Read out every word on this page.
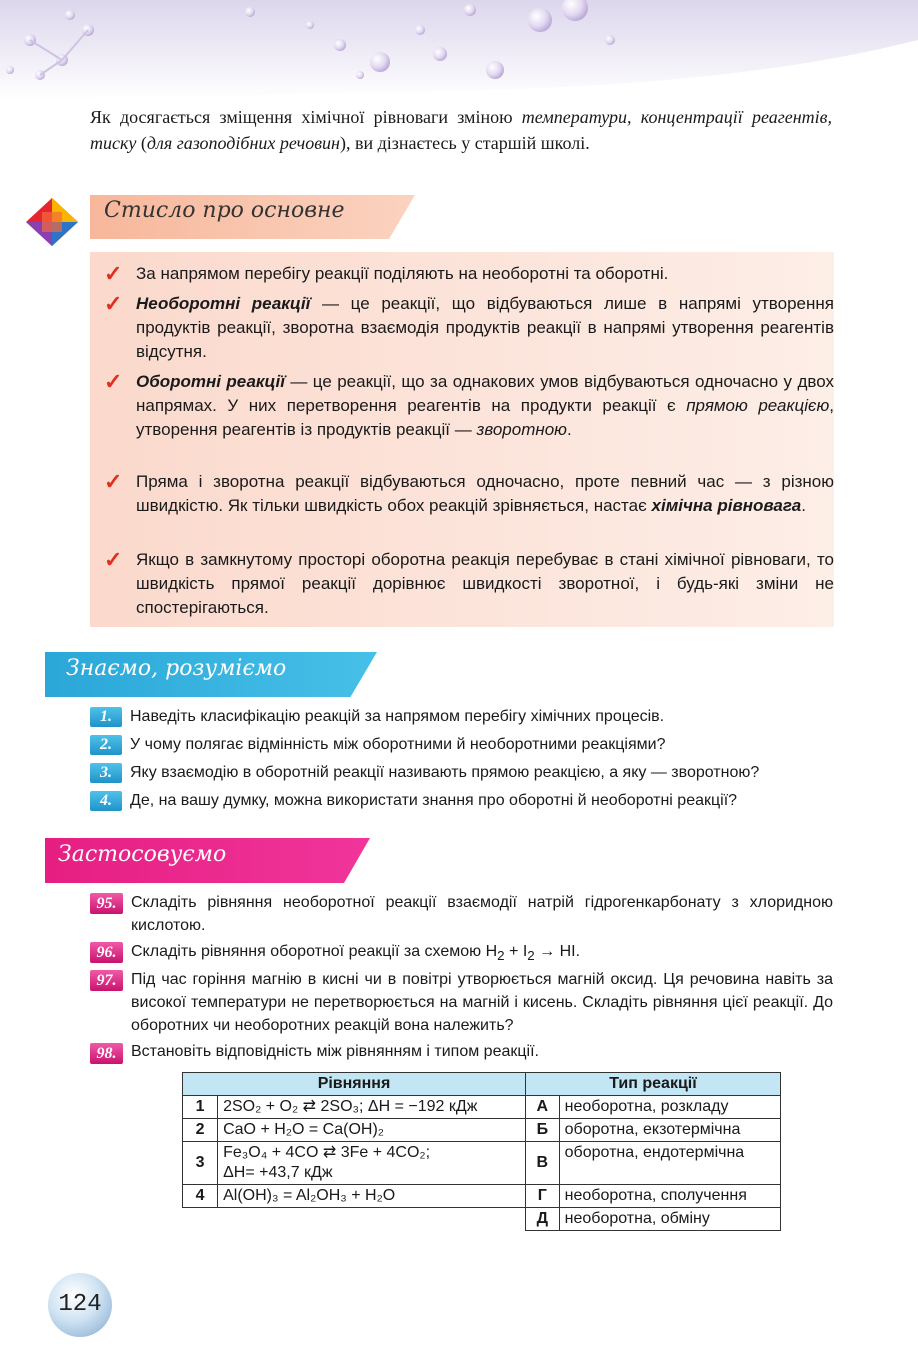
Як досягається зміщення хімічної рівноваги зміною температури, концентрації реагентів, тиску (для газоподібних речовин), ви дізнаєтесь у старшій школі.
Стисло про основне
✓ За напрямом перебігу реакції поділяють на необоротні та оборотні.
✓ Необоротні реакції — це реакції, що відбуваються лише в напрямі утворення продуктів реакції, зворотна взаємодія продуктів реакції в напрямі утворення реагентів відсутня.
✓ Оборотні реакції — це реакції, що за однакових умов відбуваються одночасно у двох напрямах. У них перетворення реагентів на продукти реакції є прямою реакцією, утворення реагентів із продуктів реакції — зворотною.
✓ Пряма і зворотна реакції відбуваються одночасно, проте певний час — з різною швидкістю. Як тільки швидкість обох реакцій зрівняється, настає хімічна рівновага.
✓ Якщо в замкнутому просторі оборотна реакція перебуває в стані хімічної рівноваги, то швидкість прямої реакції дорівнює швидкості зворотної, і будь-які зміни не спостерігаються.
Знаємо, розуміємо
1. Наведіть класифікацію реакцій за напрямом перебігу хімічних процесів.
2. У чому полягає відмінність між оборотними й необоротними реакціями?
3. Яку взаємодію в оборотній реакції називають прямою реакцією, а яку — зворотною?
4. Де, на вашу думку, можна використати знання про оборотні й необоротні реакції?
Застосовуємо
95. Складіть рівняння необоротної реакції взаємодії натрій гідрогенкарбонату з хлоридною кислотою.
96. Складіть рівняння оборотної реакції за схемою $H_2 + I_2$ → HI.
97. Під час горіння магнію в кисні чи в повітрі утворюється магній оксид. Ця речовина навіть за високої температури не перетворюється на магній і кисень. Складіть рівняння цієї реакції. До оборотних чи необоротних реакцій вона належить?
98. Встановіть відповідність між рівнянням і типом реакції.
Рівняння		Тип реакції	
1	2SO₂ + O₂ ⇄ 2SO₃; ΔH = −192 кДж	А	необоротна, розкладу
2	CaO + H₂O = Ca(OH)₂	Б	оборотна, екзотермічна
3	Fe₃O₄ + 4CO ⇄ 3Fe + 4CO₂;
ΔH= +43,7 кДж	В	оборотна, ендотермічна
4	Al(OH)₃ = Al₂OH₃ + H₂O	Г	необоротна, сполучення
		Д	необоротна, обміну
124
